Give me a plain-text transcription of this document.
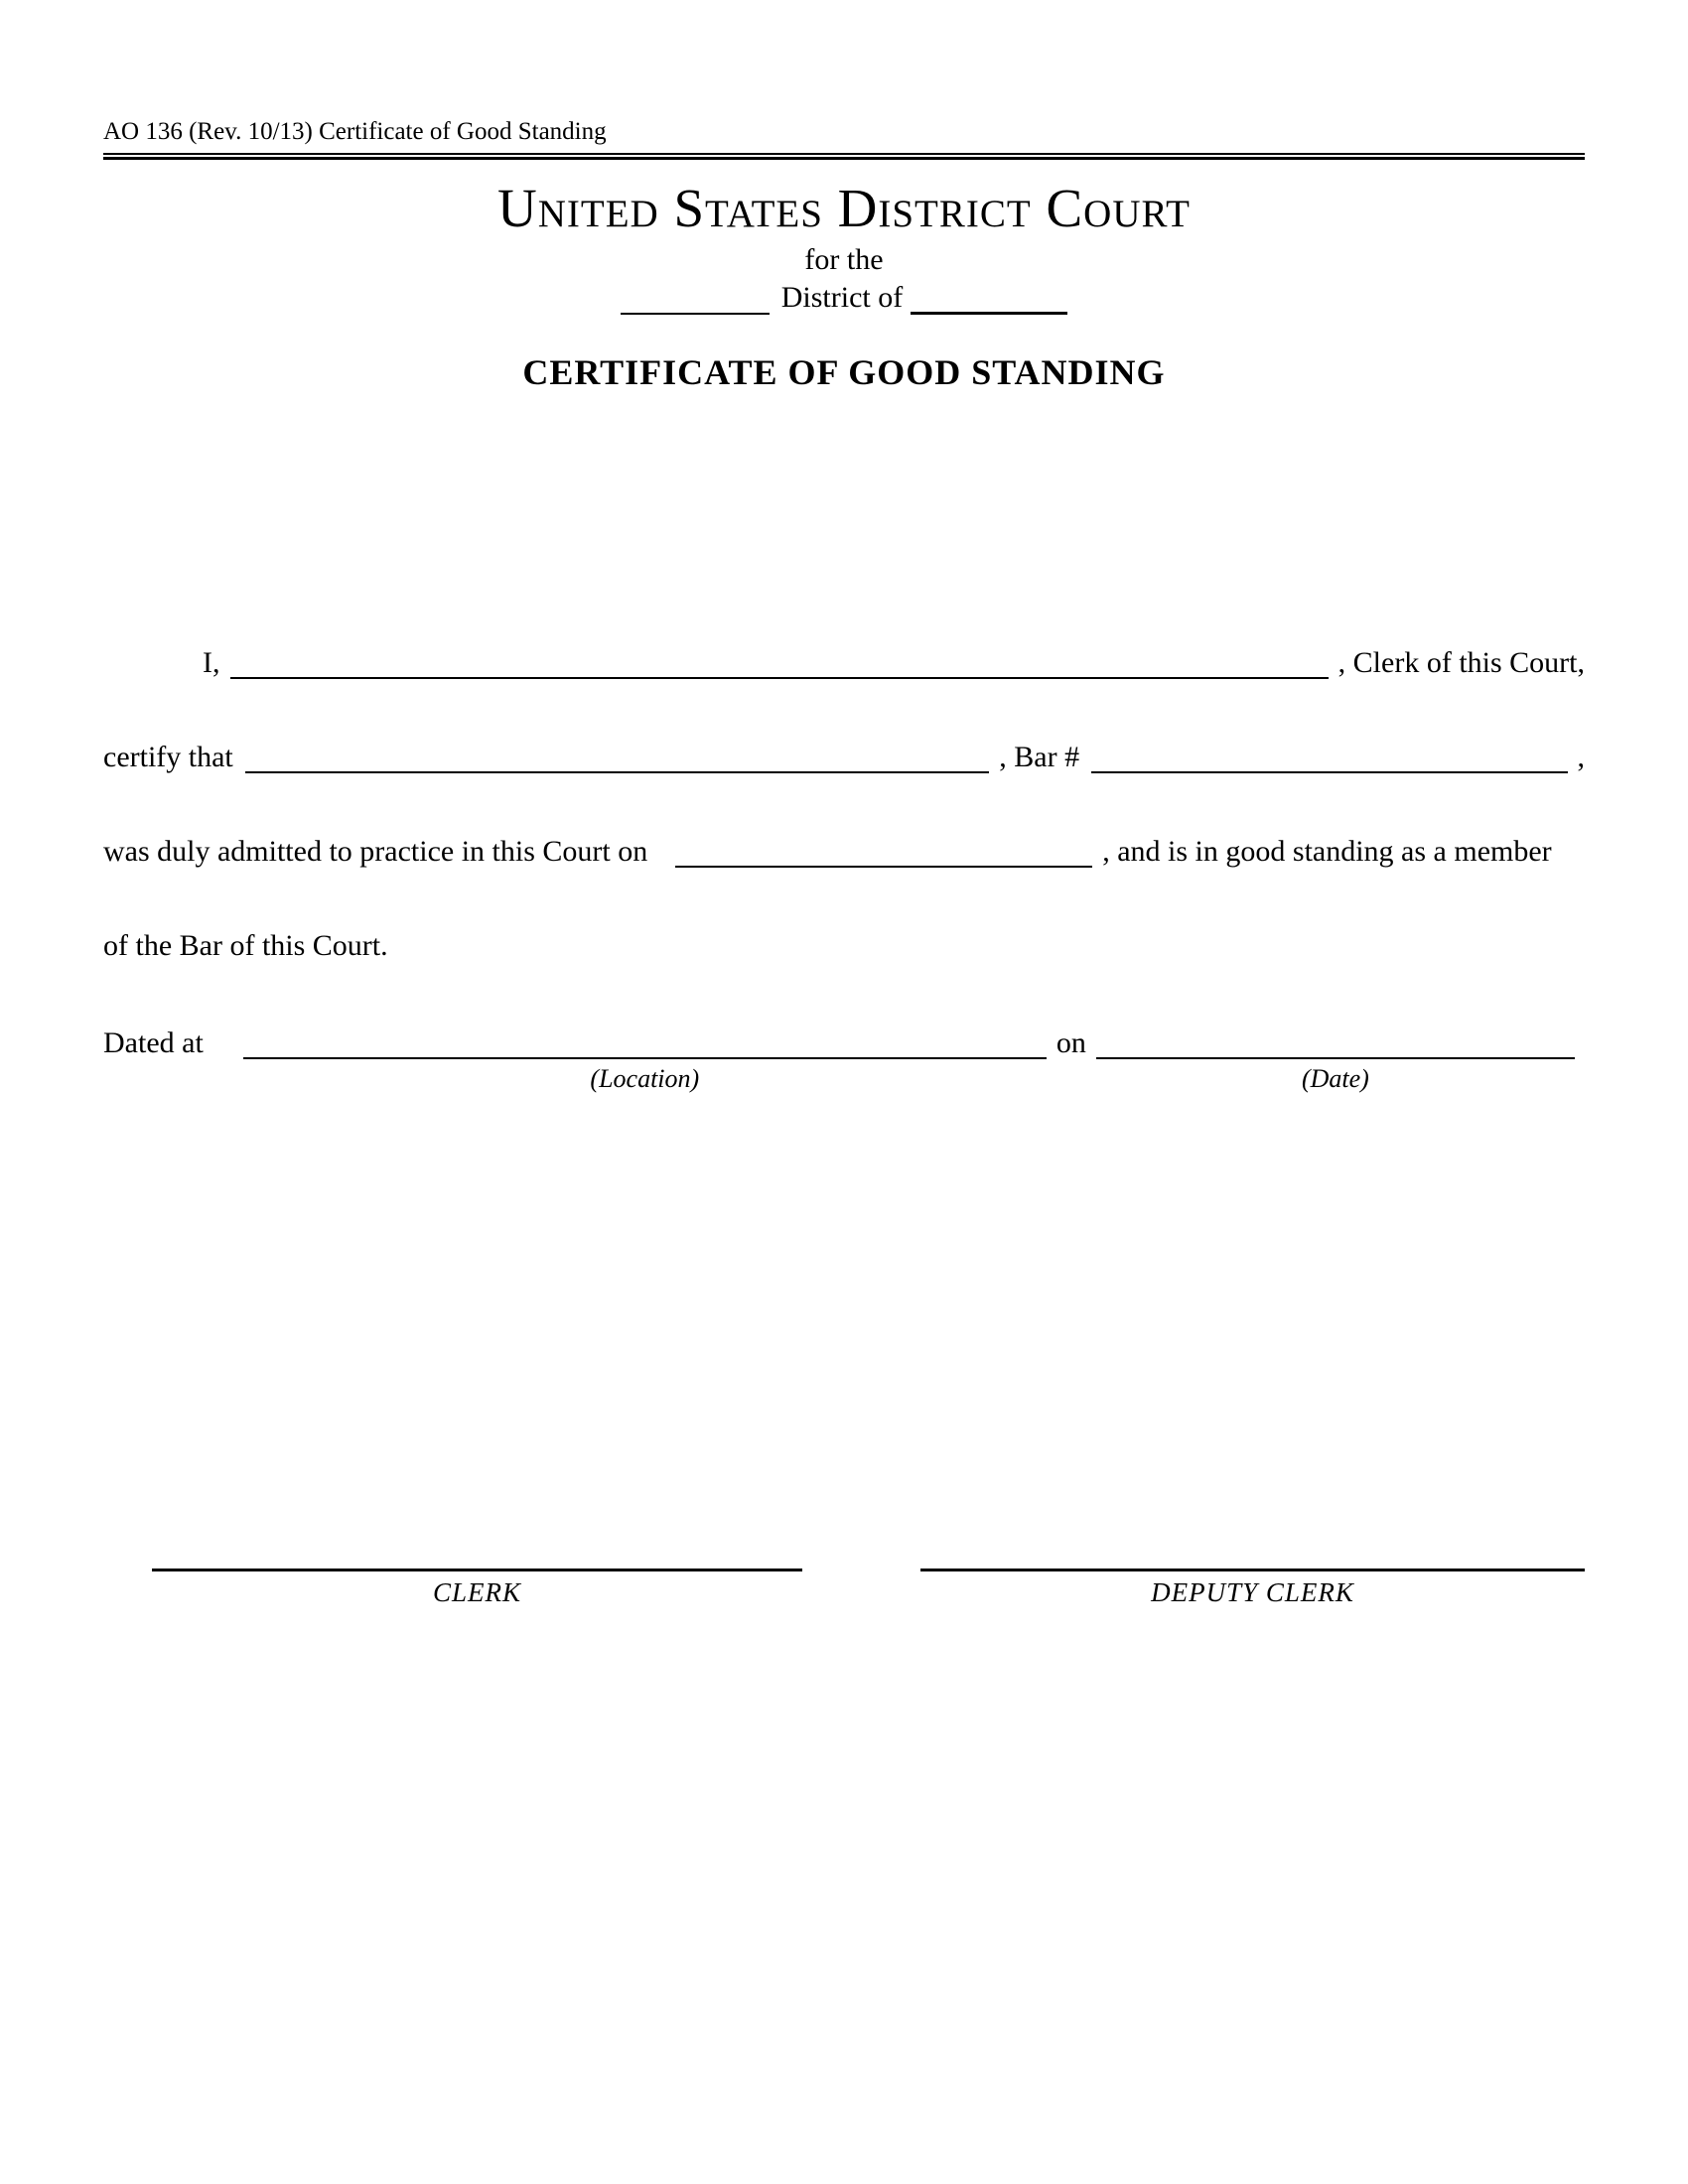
AO 136 (Rev. 10/13) Certificate of Good Standing
United States District Court
for the
District of
CERTIFICATE OF GOOD STANDING
I,	, Clerk of this Court,
certify that	, Bar #	,
was duly admitted to practice in this Court on	, and is in good standing as a member
of the Bar of this Court.
Dated at
(Location)
on
(Date)
CLERK	DEPUTY CLERK
